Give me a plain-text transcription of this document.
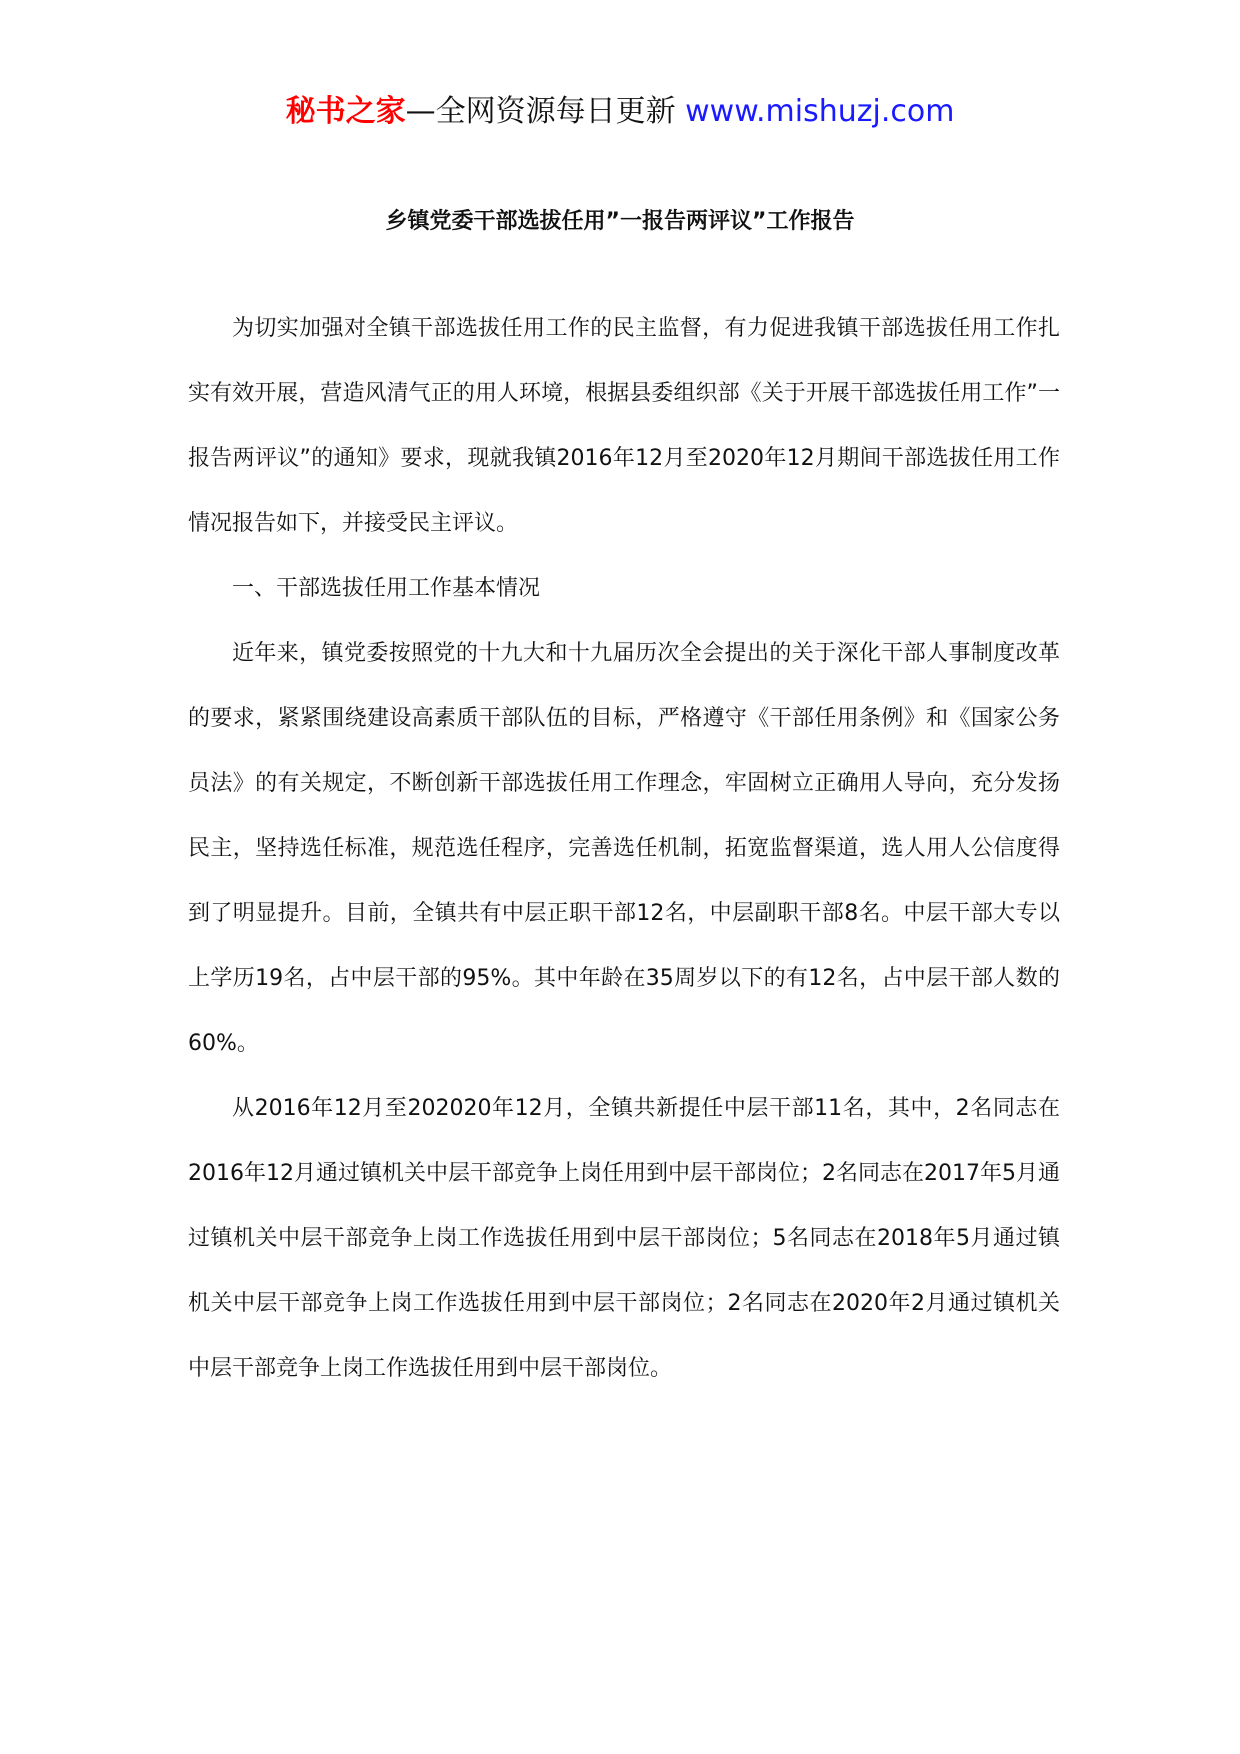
秘书之家—全网资源每日更新 www.mishuzj.com
乡镇党委干部选拔任用”一报告两评议”工作报告

为切实加强对全镇干部选拔任用工作的民主监督，有力促进我镇干部选拔任用工作扎实有效开展，营造风清气正的用人环境，根据县委组织部《关于开展干部选拔任用工作”一报告两评议”的通知》要求，现就我镇2016年12月至2020年12月期间干部选拔任用工作情况报告如下，并接受民主评议。

一、干部选拔任用工作基本情况

近年来，镇党委按照党的十九大和十九届历次全会提出的关于深化干部人事制度改革的要求，紧紧围绕建设高素质干部队伍的目标，严格遵守《干部任用条例》和《国家公务员法》的有关规定，不断创新干部选拔任用工作理念，牢固树立正确用人导向，充分发扬民主，坚持选任标准，规范选任程序，完善选任机制，拓宽监督渠道，选人用人公信度得到了明显提升。目前，全镇共有中层正职干部12名，中层副职干部8名。中层干部大专以上学历19名，占中层干部的95%。其中年龄在35周岁以下的有12名，占中层干部人数的60%。

从2016年12月至202020年12月，全镇共新提任中层干部11名，其中，2名同志在2016年12月通过镇机关中层干部竞争上岗任用到中层干部岗位；2名同志在2017年5月通过镇机关中层干部竞争上岗工作选拔任用到中层干部岗位；5名同志在2018年5月通过镇机关中层干部竞争上岗工作选拔任用到中层干部岗位；2名同志在2020年2月通过镇机关中层干部竞争上岗工作选拔任用到中层干部岗位。
